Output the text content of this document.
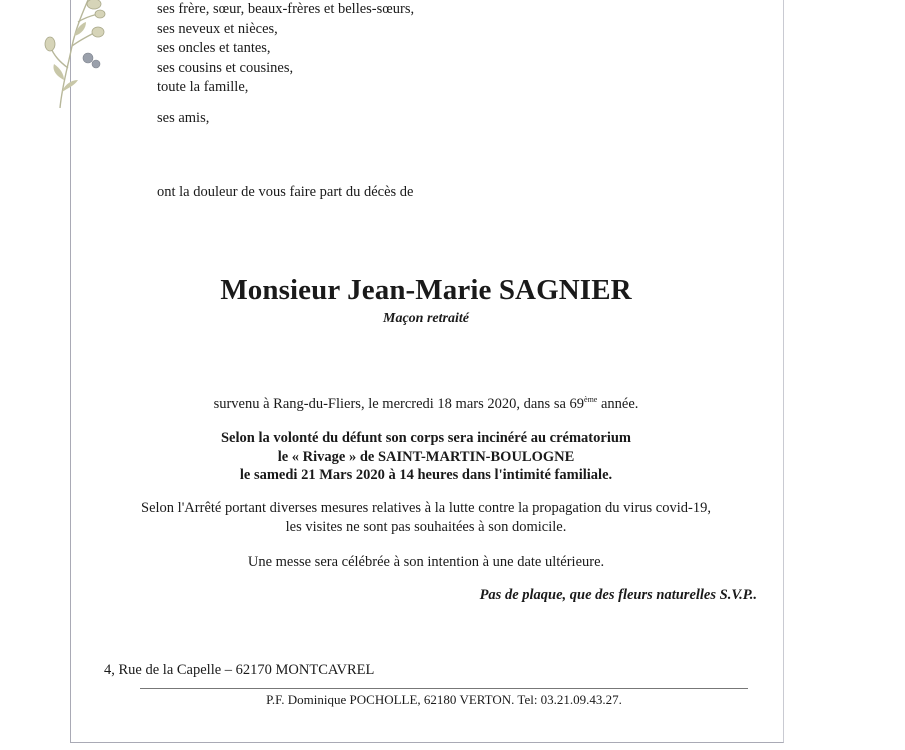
ses frère, sœur, beaux-frères et belles-sœurs,
ses neveux et nièces,
ses oncles et tantes,
ses cousins et cousines,
toute la famille,
ses amis,
ont la douleur de vous faire part du décès de
Monsieur Jean-Marie SAGNIER
Maçon retraité
survenu à Rang-du-Fliers, le mercredi 18 mars 2020, dans sa 69ème année.
Selon la volonté du défunt son corps sera incinéré au crématorium
le « Rivage » de SAINT-MARTIN-BOULOGNE
le samedi 21 Mars 2020 à 14 heures dans l'intimité familiale.
Selon l'Arrêté portant diverses mesures relatives à la lutte contre la propagation du virus covid-19,
les visites ne sont pas souhaitées à son domicile.
Une messe sera célébrée à son intention à une date ultérieure.
Pas de plaque, que des fleurs naturelles S.V.P..
4, Rue de la Capelle – 62170 MONTCAVREL
P.F. Dominique POCHOLLE, 62180 VERTON. Tel: 03.21.09.43.27.
